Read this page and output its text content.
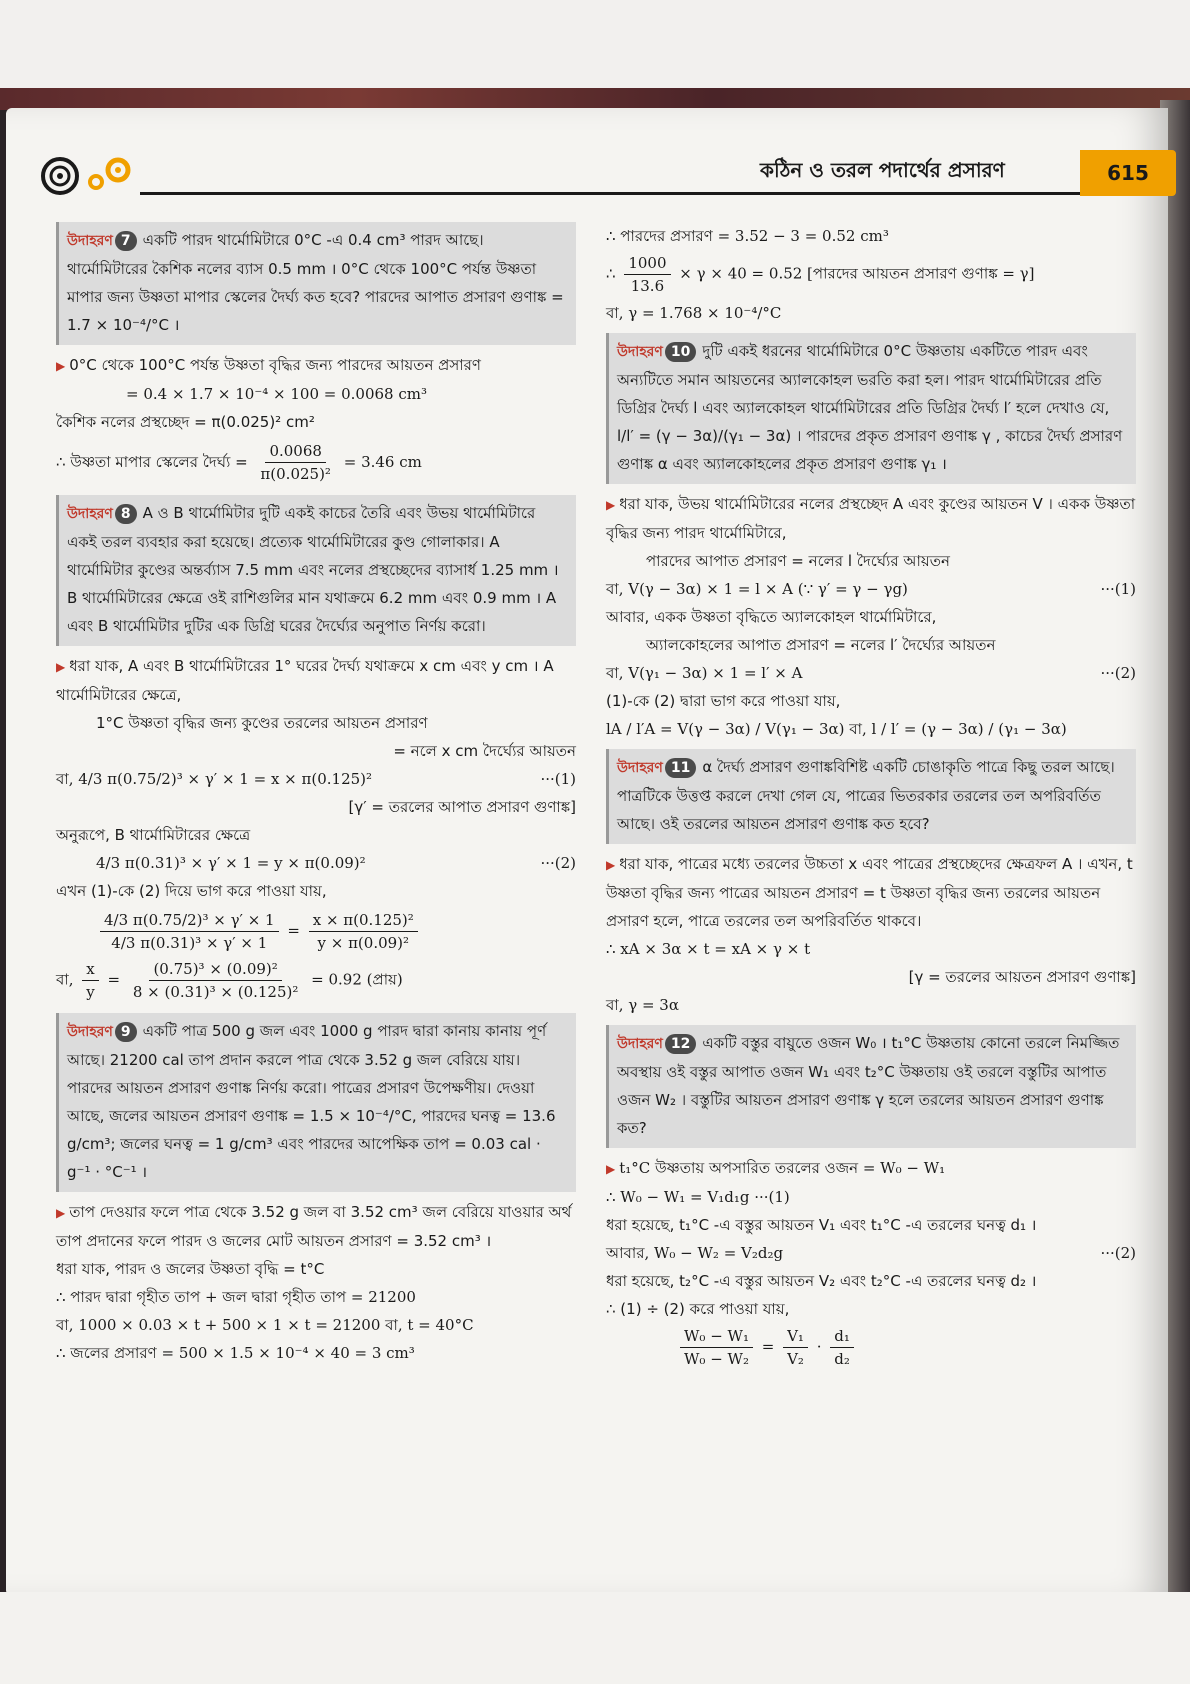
কঠিন ও তরল পদার্থের প্রসারণ	615
উদাহরণ 7 একটি পারদ থার্মোমিটারে 0°C -এ 0.4 cm³ পারদ আছে। থার্মোমিটারের কৈশিক নলের ব্যাস 0.5 mm । 0°C থেকে 100°C পর্যন্ত উষ্ণতা মাপার জন্য উষ্ণতা মাপার স্কেলের দৈর্ঘ্য কত হবে? পারদের আপাত প্রসারণ গুণাঙ্ক = 1.7 × 10⁻⁴/°C ।

▶ 0°C থেকে 100°C পর্যন্ত উষ্ণতা বৃদ্ধির জন্য পারদের আয়তন প্রসারণ

= 0.4 × 1.7 × 10⁻⁴ × 100 = 0.0068 cm³

কৈশিক নলের প্রস্থচ্ছেদ = π(0.025)² cm²

∴ উষ্ণতা মাপার স্কেলের দৈর্ঘ্য = $\frac{0.0068}{\text{π(0.025)²}} = 3.46$ cm

উদাহরণ 8 A ও B থার্মোমিটার দুটি একই কাচের তৈরি এবং উভয় থার্মোমিটারে একই তরল ব্যবহার করা হয়েছে। প্রত্যেক থার্মোমিটারের কুণ্ড গোলাকার। A থার্মোমিটার কুণ্ডের অন্তর্ব্যাস 7.5 mm এবং নলের প্রস্থচ্ছেদের ব্যাসার্ধ 1.25 mm । B থার্মোমিটারের ক্ষেত্রে ওই রাশিগুলির মান যথাক্রমে 6.2 mm এবং 0.9 mm । A এবং B থার্মোমিটার দুটির এক ডিগ্রি ঘরের দৈর্ঘ্যের অনুপাত নির্ণয় করো।

▶ ধরা যাক, A এবং B থার্মোমিটারের 1° ঘরের দৈর্ঘ্য যথাক্রমে x cm এবং y cm । A থার্মোমিটারের ক্ষেত্রে,

1°C উষ্ণতা বৃদ্ধির জন্য কুণ্ডের তরলের আয়তন প্রসারণ

= নলে x cm দৈর্ঘ্যের আয়তন

বা, 4/3 π(0.75/2)³ × γ′ × 1 = x × π(0.125)²	···(1)

[γ′ = তরলের আপাত প্রসারণ গুণাঙ্ক]

অনুরূপে, B থার্মোমিটারের ক্ষেত্রে

4/3 π(0.31)³ × γ′ × 1 = y × π(0.09)²	···(2)

এখন (1)-কে (2) দিয়ে ভাগ করে পাওয়া যায়,

$\frac{\text{4/3 π(0.75/2)³ × γ′ × 1}}{\text{4/3 π(0.31)³ × γ′ × 1}} = \frac{\text{x × π(0.125)²}}{\text{y × π(0.09)²}}$

বা, $\frac{x}{y} = \frac{\text{(0.75)³ × (0.09)²}}{\text{8 × (0.31)³ × (0.125)²}} = 0.92$ (প্রায়)

উদাহরণ 9 একটি পাত্র 500 g জল এবং 1000 g পারদ দ্বারা কানায় কানায় পূর্ণ আছে। 21200 cal তাপ প্রদান করলে পাত্র থেকে 3.52 g জল বেরিয়ে যায়। পারদের আয়তন প্রসারণ গুণাঙ্ক নির্ণয় করো। পাত্রের প্রসারণ উপেক্ষণীয়। দেওয়া আছে, জলের আয়তন প্রসারণ গুণাঙ্ক = 1.5 × 10⁻⁴/°C, পারদের ঘনত্ব = 13.6 g/cm³; জলের ঘনত্ব = 1 g/cm³ এবং পারদের আপেক্ষিক তাপ = 0.03 cal · g⁻¹ · °C⁻¹ ।

▶ তাপ দেওয়ার ফলে পাত্র থেকে 3.52 g জল বা 3.52 cm³ জল বেরিয়ে যাওয়ার অর্থ তাপ প্রদানের ফলে পারদ ও জলের মোট আয়তন প্রসারণ = 3.52 cm³ ।

ধরা যাক, পারদ ও জলের উষ্ণতা বৃদ্ধি = t°C

∴ পারদ দ্বারা গৃহীত তাপ + জল দ্বারা গৃহীত তাপ = 21200

বা, 1000 × 0.03 × t + 500 × 1 × t = 21200 বা, t = 40°C

∴ জলের প্রসারণ = 500 × 1.5 × 10⁻⁴ × 40 = 3 cm³

∴ পারদের প্রসারণ = 3.52 − 3 = 0.52 cm³

∴ $\frac{1000}{13.6} \times \gamma \times 40 = 0.52$ [পারদের আয়তন প্রসারণ গুণাঙ্ক = γ]

বা, γ = 1.768 × 10⁻⁴/°C

উদাহরণ 10 দুটি একই ধরনের থার্মোমিটারে 0°C উষ্ণতায় একটিতে পারদ এবং অন্যটিতে সমান আয়তনের অ্যালকোহল ভরতি করা হল। পারদ থার্মোমিটারের প্রতি ডিগ্রির দৈর্ঘ্য l এবং অ্যালকোহল থার্মোমিটারের প্রতি ডিগ্রির দৈর্ঘ্য l′ হলে দেখাও যে, l/l′ = (γ − 3α)/(γ₁ − 3α) । পারদের প্রকৃত প্রসারণ গুণাঙ্ক γ , কাচের দৈর্ঘ্য প্রসারণ গুণাঙ্ক α এবং অ্যালকোহলের প্রকৃত প্রসারণ গুণাঙ্ক γ₁ ।

▶ ধরা যাক, উভয় থার্মোমিটারের নলের প্রস্থচ্ছেদ A এবং কুণ্ডের আয়তন V । একক উষ্ণতা বৃদ্ধির জন্য পারদ থার্মোমিটারে,

পারদের আপাত প্রসারণ = নলের l দৈর্ঘ্যের আয়তন

বা, V(γ − 3α) × 1 = l × A (∵ γ′ = γ − γg)	···(1)

আবার, একক উষ্ণতা বৃদ্ধিতে অ্যালকোহল থার্মোমিটারে,

অ্যালকোহলের আপাত প্রসারণ = নলের l′ দৈর্ঘ্যের আয়তন

বা, V(γ₁ − 3α) × 1 = l′ × A	···(2)

(1)-কে (2) দ্বারা ভাগ করে পাওয়া যায়,

lA / l′A = V(γ − 3α) / V(γ₁ − 3α) বা, l / l′ = (γ − 3α) / (γ₁ − 3α)

উদাহরণ 11 α দৈর্ঘ্য প্রসারণ গুণাঙ্কবিশিষ্ট একটি চোঙাকৃতি পাত্রে কিছু তরল আছে। পাত্রটিকে উত্তপ্ত করলে দেখা গেল যে, পাত্রের ভিতরকার তরলের তল অপরিবর্তিত আছে। ওই তরলের আয়তন প্রসারণ গুণাঙ্ক কত হবে?

▶ ধরা যাক, পাত্রের মধ্যে তরলের উচ্চতা x এবং পাত্রের প্রস্থচ্ছেদের ক্ষেত্রফল A । এখন, t উষ্ণতা বৃদ্ধির জন্য পাত্রের আয়তন প্রসারণ = t উষ্ণতা বৃদ্ধির জন্য তরলের আয়তন প্রসারণ হলে, পাত্রে তরলের তল অপরিবর্তিত থাকবে।

∴ xA × 3α × t = xA × γ × t

[γ = তরলের আয়তন প্রসারণ গুণাঙ্ক]

বা, γ = 3α

উদাহরণ 12 একটি বস্তুর বায়ুতে ওজন W₀ । t₁°C উষ্ণতায় কোনো তরলে নিমজ্জিত অবস্থায় ওই বস্তুর আপাত ওজন W₁ এবং t₂°C উষ্ণতায় ওই তরলে বস্তুটির আপাত ওজন W₂ । বস্তুটির আয়তন প্রসারণ গুণাঙ্ক γ হলে তরলের আয়তন প্রসারণ গুণাঙ্ক কত?

▶ t₁°C উষ্ণতায় অপসারিত তরলের ওজন = W₀ − W₁

∴ W₀ − W₁ = V₁d₁g ···(1)

ধরা হয়েছে, t₁°C -এ বস্তুর আয়তন V₁ এবং t₁°C -এ তরলের ঘনত্ব d₁ ।

আবার, W₀ − W₂ = V₂d₂g	···(2)

ধরা হয়েছে, t₂°C -এ বস্তুর আয়তন V₂ এবং t₂°C -এ তরলের ঘনত্ব d₂ ।

∴ (1) ÷ (2) করে পাওয়া যায়,

$\frac{\text{W₀ − W₁}}{\text{W₀ − W₂}} = \frac{\text{V₁}}{\text{V₂}} \cdot \frac{\text{d₁}}{\text{d₂}}$
